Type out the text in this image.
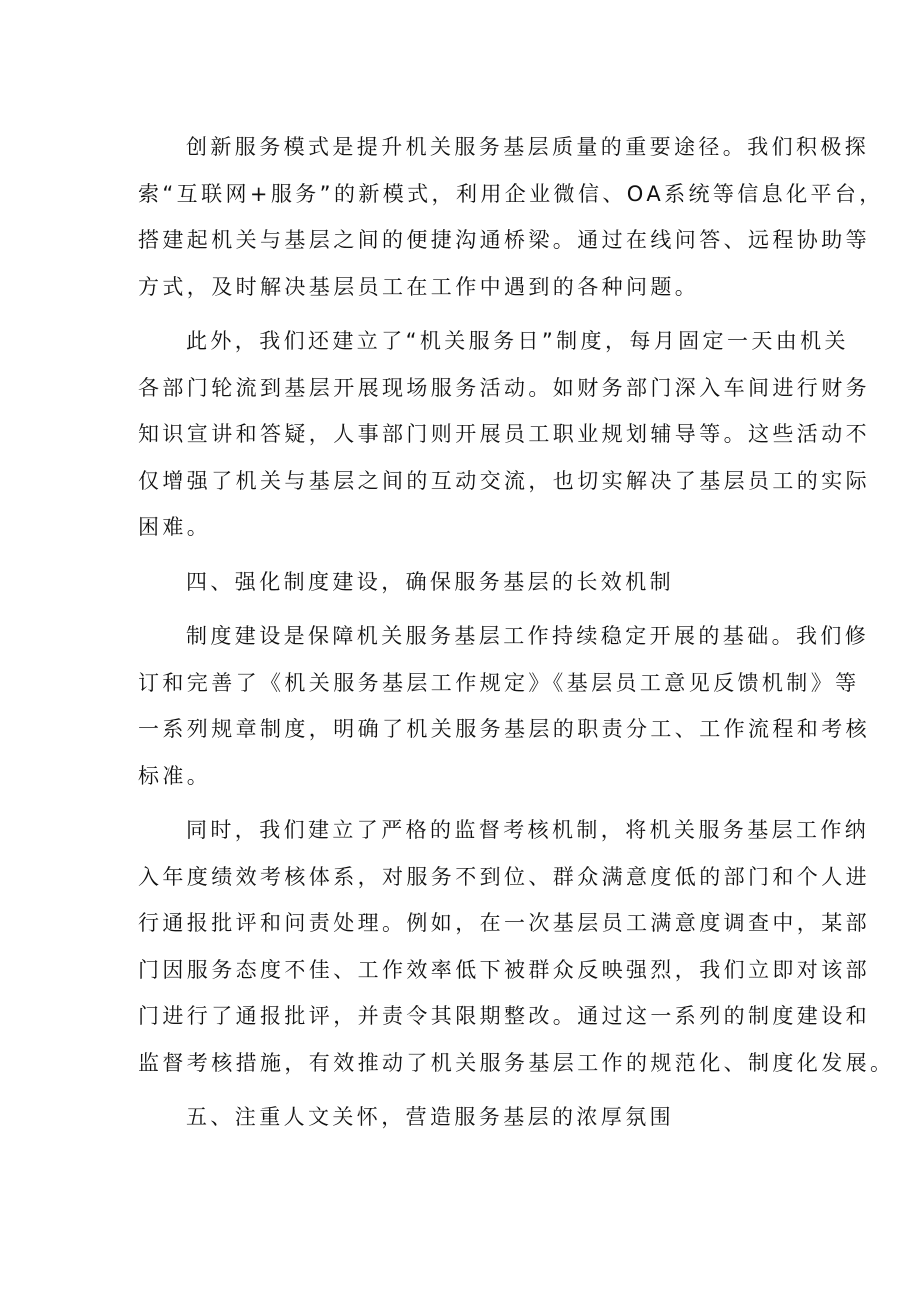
创新服务模式是提升机关服务基层质量的重要途径。我们积极探
索“互联网+服务”的新模式，利用企业微信、OA系统等信息化平台，
搭建起机关与基层之间的便捷沟通桥梁。通过在线问答、远程协助等
方式，及时解决基层员工在工作中遇到的各种问题。
此外，我们还建立了“机关服务日”制度，每月固定一天由机关
各部门轮流到基层开展现场服务活动。如财务部门深入车间进行财务
知识宣讲和答疑，人事部门则开展员工职业规划辅导等。这些活动不
仅增强了机关与基层之间的互动交流，也切实解决了基层员工的实际
困难。
四、强化制度建设，确保服务基层的长效机制
制度建设是保障机关服务基层工作持续稳定开展的基础。我们修
订和完善了《机关服务基层工作规定》《基层员工意见反馈机制》等
一系列规章制度，明确了机关服务基层的职责分工、工作流程和考核
标准。
同时，我们建立了严格的监督考核机制，将机关服务基层工作纳
入年度绩效考核体系，对服务不到位、群众满意度低的部门和个人进
行通报批评和问责处理。例如，在一次基层员工满意度调查中，某部
门因服务态度不佳、工作效率低下被群众反映强烈，我们立即对该部
门进行了通报批评，并责令其限期整改。通过这一系列的制度建设和
监督考核措施，有效推动了机关服务基层工作的规范化、制度化发展。
五、注重人文关怀，营造服务基层的浓厚氛围
